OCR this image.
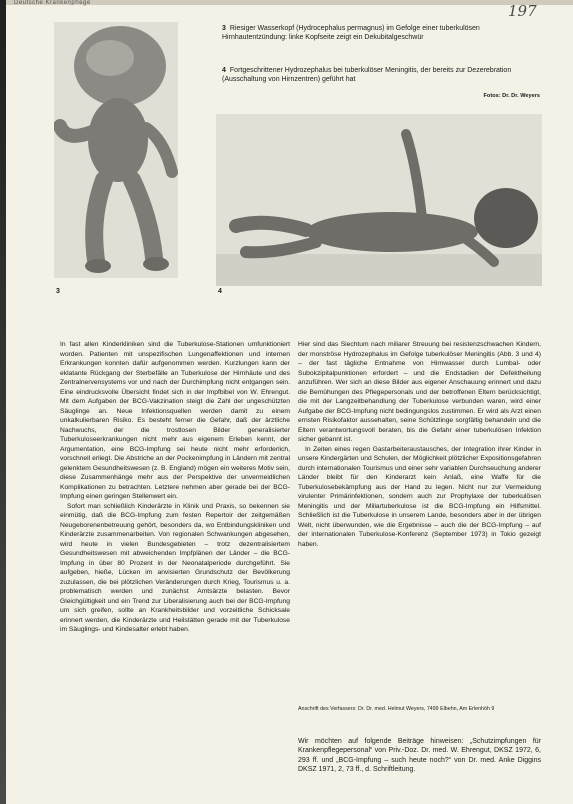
Deutsche Krankenpflege	197
3	4
3 Riesiger Wasserkopf (Hydrocephalus permagnus) im Gefolge einer tuberkulösen Hirnhautentzündung: linke Kopfseite zeigt ein Dekubitalgeschwür
4 Fortgeschrittener Hydrozephalus bei tuberkulöser Meningitis, der bereits zur Dezerebration (Ausschaltung von Hirnzentren) geführt hat
Fotos: Dr. Dr. Weyers

In fast allen Kinderkliniken sind die Tuberkulose-Stationen umfunktioniert worden. Patienten mit unspezifischen Lungenaffektionen und internen Erkrankungen konnten dafür aufgenommen werden. Kurzlungen kann der eklatante Rückgang der Sterbefälle an Tuberkulose der Hirnhäute und des Zentralnervensystems vor und nach der Durchimpfung nicht entgangen sein. Eine eindrucksvolle Übersicht findet sich in der Impfbibel von W. Ehrengut. Mit dem Aufgaben der BCG-Vakzination steigt die Zahl der ungeschützten Säuglinge an. Neue Infektionsquellen werden damit zu einem unkalkulierbaren Risiko. Es besteht ferner die Gefahr, daß der ärztliche Nachwuchs, der die trostlosen Bilder generalisierter Tuberkuloseerkrankungen nicht mehr aus eigenem Erleben kennt, der Argumentation, eine BCG-Impfung sei heute nicht mehr erforderlich, vorschnell erliegt. Die Abstriche an der Pockenimpfung in Ländern mit zentral gelenktem Gesundheitswesen (z. B. England) mögen ein weiteres Motiv sein, diese Zusammenhänge mehr aus der Perspektive der unvermeidlichen Komplikationen zu betrachten. Letztere nehmen aber gerade bei der BCG-Impfung einen geringen Stellenwert ein.

Sofort man schließlich Kinderärzte in Klinik und Praxis, so bekennen sie einmütig, daß die BCG-Impfung zum festen Repertoir der zeitgemäßen Neugeborenenbetreuung gehört, besonders da, wo Entbindungskliniken und Kinderärzte zusammenarbeiten. Von regionalen Schwankungen abgesehen, wird heute in vielen Bundesgebieten – trotz dezentralisiertem Gesundheitswesen mit abweichenden Impfplänen der Länder – die BCG-Impfung in über 80 Prozent in der Neonatalperiode durchgeführt. Sie aufgeben, hieße, Lücken im anvisierten Grundschutz der Bevölkerung zuzulassen, die bei plötzlichen Veränderungen durch Krieg, Tourismus u. a. problematisch werden und zunächst Amtsärzte belasten. Bevor Gleichgültigkeit und ein Trend zur Liberalisierung auch bei der BCG-Impfung um sich greifen, sollte an Krankheitsbilder und vorzeitliche Schicksale erinnert werden, die Kinderärzte und Heilstätten gerade mit der Tuberkulose im Säuglings- und Kindesalter erlebt haben.

Hier sind das Siechtum nach miliarer Streuung bei resistenzschwachen Kindern, der monströse Hydrozephalus im Gefolge tuberkulöser Meningitis (Abb. 3 und 4) – der fast tägliche Entnahme von Hirnwasser durch Lumbal- oder Subokzipitalpunktionen erfordert – und die Endstadien der Defektheilung anzuführen. Wer sich an diese Bilder aus eigener Anschauung erinnert und dazu die Bemühungen des Pflegepersonals und der betroffenen Eltern berücksichtigt, die mit der Langzeitbehandlung der Tuberkulose verbunden waren, wird einer Aufgabe der BCG-Impfung nicht bedingungslos zustimmen. Er wird als Arzt einen ernsten Risikofaktor aussehalten, seine Schützlinge sorgfältig behandeln und die Eltern verantwortungsvoll beraten, bis die Gefahr einer tuberkulösen Infektion sicher gebannt ist.

In Zeiten eines regen Gastarbeiteraustausches, der Integration ihrer Kinder in unsere Kindergärten und Schulen, der Möglichkeit plötzlicher Expositionsgefahren durch internationalen Tourismus und einer sehr variablen Durchseuchung anderer Länder bleibt für den Kinderarzt kein Anlaß, eine Waffe für die Tuberkulosebekämpfung aus der Hand zu legen. Nicht nur zur Vermeidung virulenter Primärinfektionen, sondern auch zur Prophylaxe der tuberkulösen Meningitis und der Miliartuberkulose ist die BCG-Impfung ein Hilfsmittel. Schließlich ist die Tuberkulose in unserem Lande, besonders aber in der übrigen Welt, nicht überwunden, wie die Ergebnisse – auch die der BCG-Impfung – auf der internationalen Tuberkulose-Konferenz (September 1973) in Tokio gezeigt haben.

Anschrift des Verfassers: Dr. Dr. med. Helmut Weyers, 7499 Elbehn, Am Erlenhöh 9
Wir möchten auf folgende Beiträge hinweisen: „Schutzimpfungen für Krankenpflegepersonal“ von Priv.-Doz. Dr. med. W. Ehrengut, DKSZ 1972, 6, 293 ff. und „BCG-Impfung – such heute noch?“ von Dr. med. Anke Diggins DKSZ 1971, 2, 73 ff., d. Schriftleitung.
